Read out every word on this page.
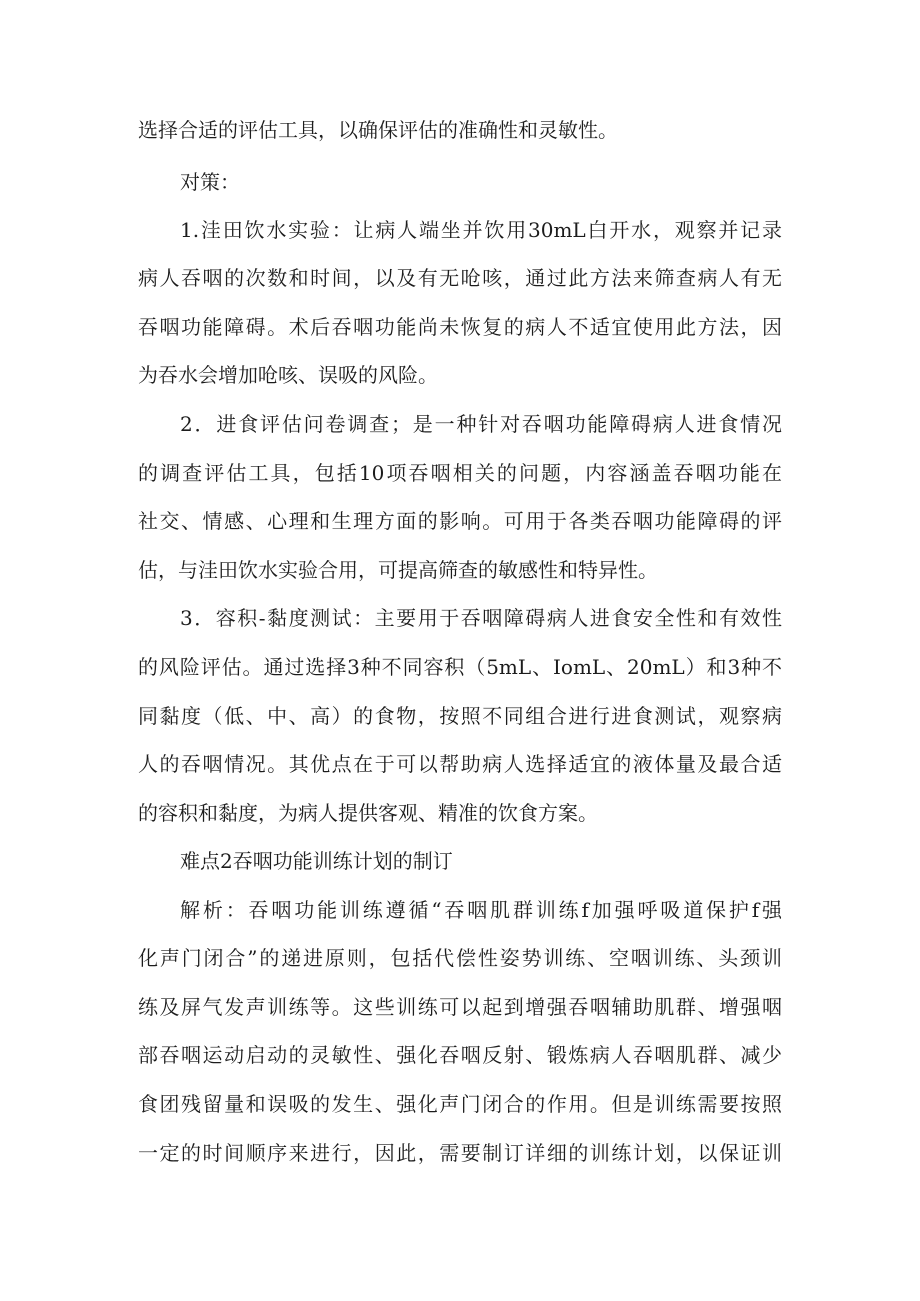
选择合适的评估工具，以确保评估的准确性和灵敏性。
对策：
1.洼田饮水实验：让病人端坐并饮用30mL白开水，观察并记录
病人吞咽的次数和时间，以及有无呛咳，通过此方法来筛查病人有无
吞咽功能障碍。术后吞咽功能尚未恢复的病人不适宜使用此方法，因
为吞水会增加呛咳、误吸的风险。
2．进食评估问卷调查；是一种针对吞咽功能障碍病人进食情况
的调查评估工具，包括10项吞咽相关的问题，内容涵盖吞咽功能在
社交、情感、心理和生理方面的影响。可用于各类吞咽功能障碍的评
估，与洼田饮水实验合用，可提高筛查的敏感性和特异性。
3．容积-黏度测试：主要用于吞咽障碍病人进食安全性和有效性
的风险评估。通过选择3种不同容积（5mL、IomL、20mL）和3种不
同黏度（低、中、高）的食物，按照不同组合进行进食测试，观察病
人的吞咽情况。其优点在于可以帮助病人选择适宜的液体量及最合适
的容积和黏度，为病人提供客观、精准的饮食方案。
难点2吞咽功能训练计划的制订
解析：吞咽功能训练遵循“吞咽肌群训练f加强呼吸道保护f强
化声门闭合”的递进原则，包括代偿性姿势训练、空咽训练、头颈训
练及屏气发声训练等。这些训练可以起到增强吞咽辅助肌群、增强咽
部吞咽运动启动的灵敏性、强化吞咽反射、锻炼病人吞咽肌群、减少
食团残留量和误吸的发生、强化声门闭合的作用。但是训练需要按照
一定的时间顺序来进行，因此，需要制订详细的训练计划，以保证训
